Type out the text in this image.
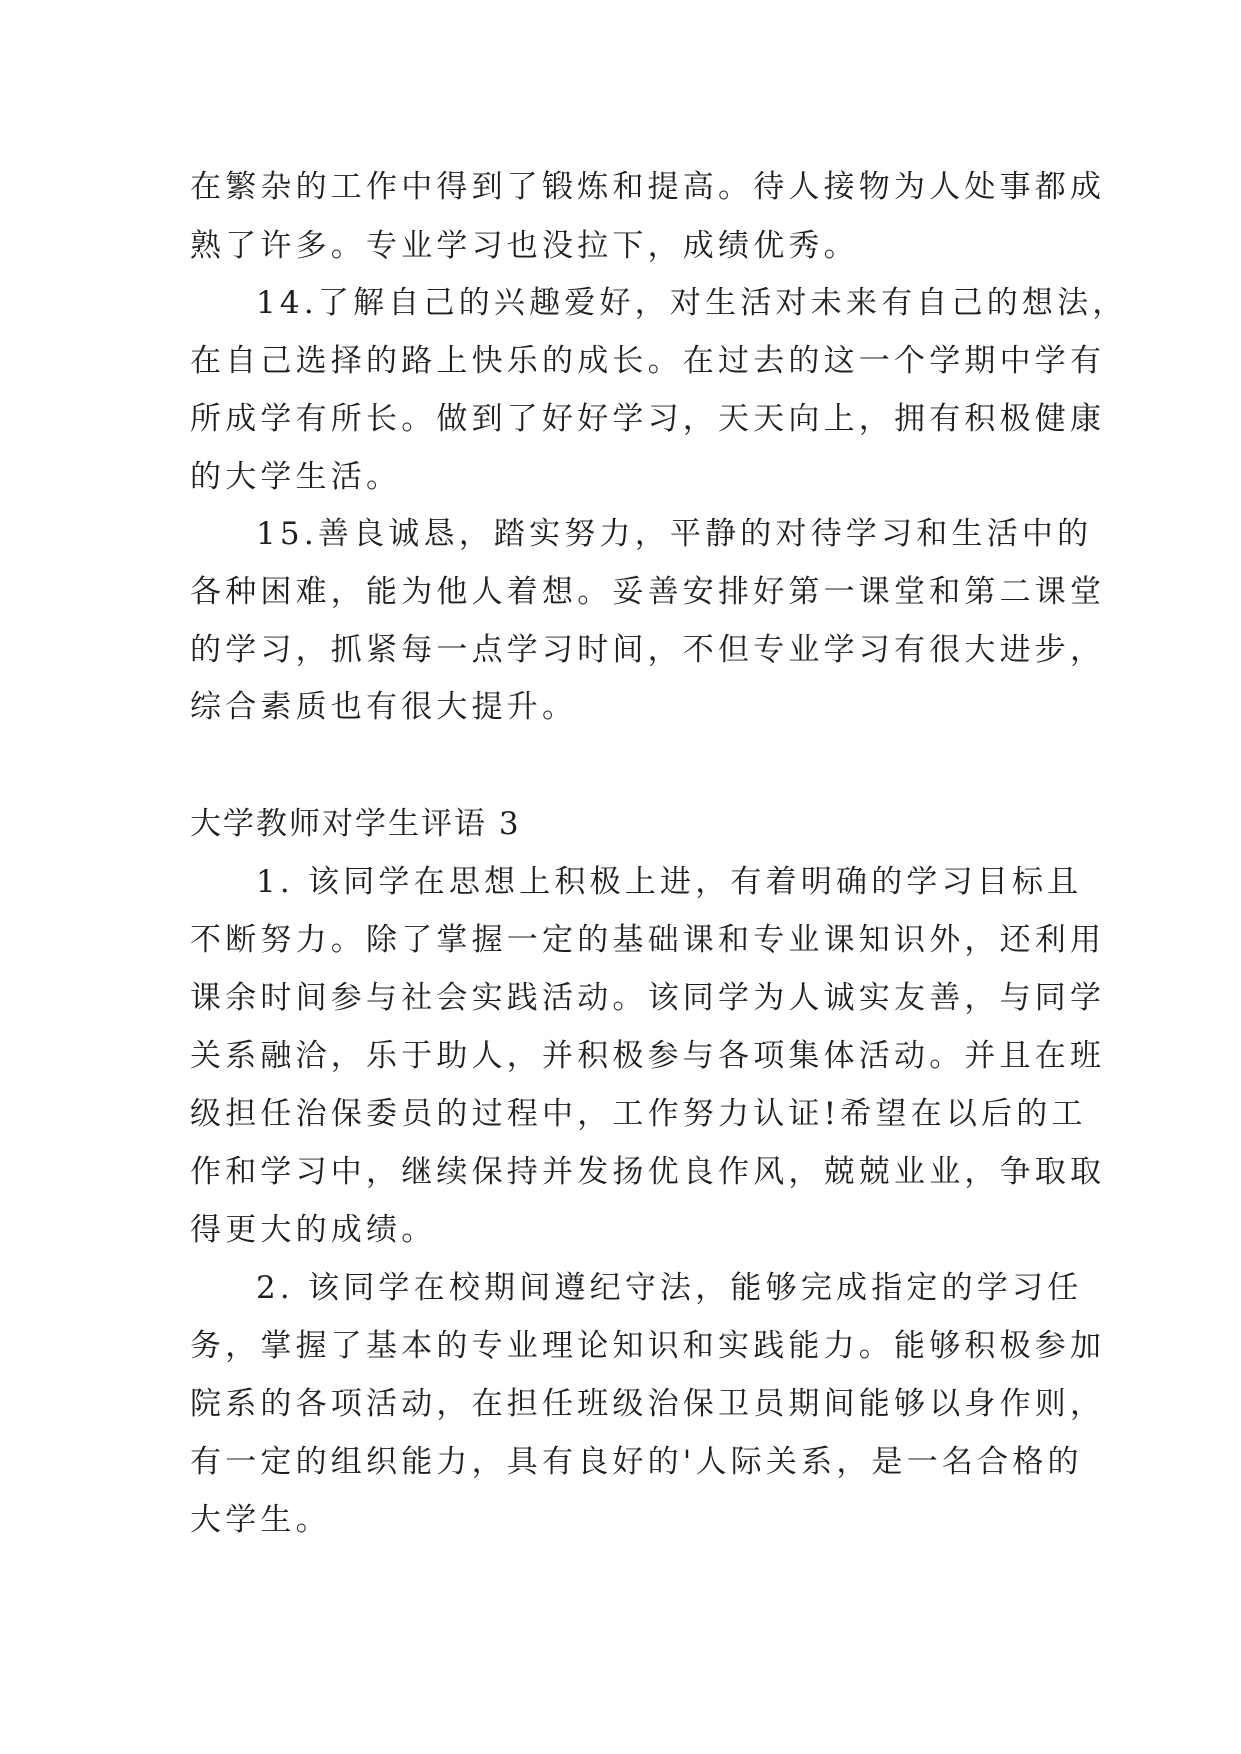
在繁杂的工作中得到了锻炼和提高。待人接物为人处事都成
熟了许多。专业学习也没拉下，成绩优秀。
14.了解自己的兴趣爱好，对生活对未来有自己的想法，
在自己选择的路上快乐的成长。在过去的这一个学期中学有
所成学有所长。做到了好好学习，天天向上，拥有积极健康
的大学生活。
15.善良诚恳，踏实努力，平静的对待学习和生活中的
各种困难，能为他人着想。妥善安排好第一课堂和第二课堂
的学习，抓紧每一点学习时间，不但专业学习有很大进步，
综合素质也有很大提升。
大学教师对学生评语 3
1. 该同学在思想上积极上进，有着明确的学习目标且
不断努力。除了掌握一定的基础课和专业课知识外，还利用
课余时间参与社会实践活动。该同学为人诚实友善，与同学
关系融洽，乐于助人，并积极参与各项集体活动。并且在班
级担任治保委员的过程中，工作努力认证!希望在以后的工
作和学习中，继续保持并发扬优良作风，兢兢业业，争取取
得更大的成绩。
2. 该同学在校期间遵纪守法，能够完成指定的学习任
务，掌握了基本的专业理论知识和实践能力。能够积极参加
院系的各项活动，在担任班级治保卫员期间能够以身作则，
有一定的组织能力，具有良好的'人际关系，是一名合格的
大学生。
